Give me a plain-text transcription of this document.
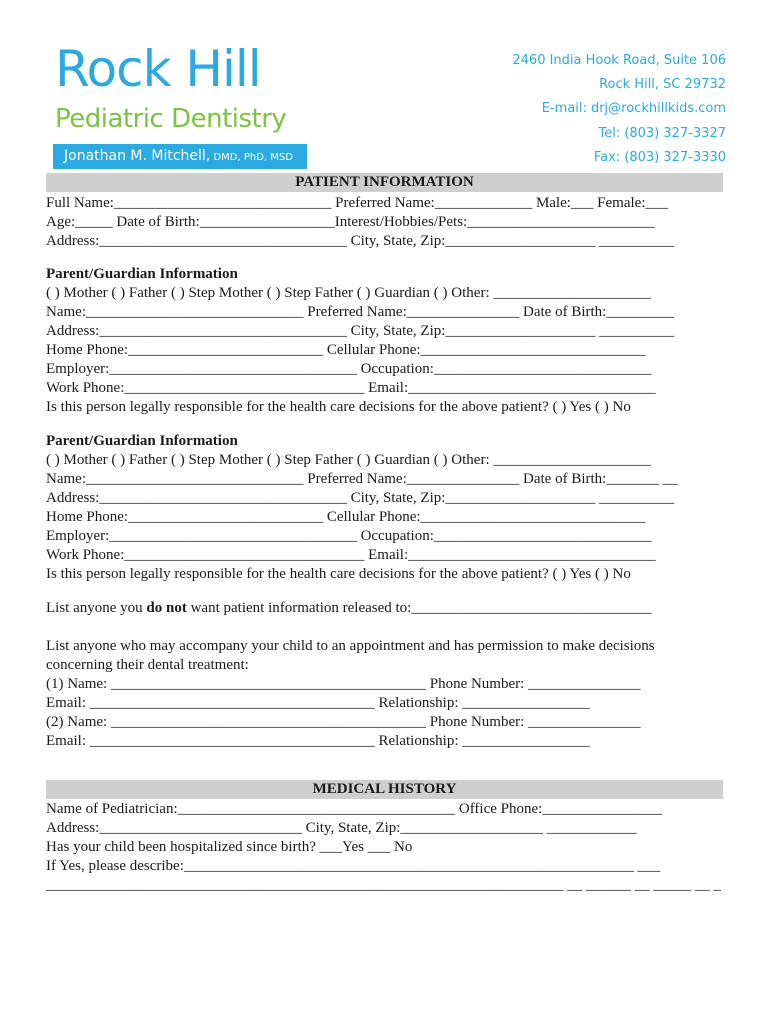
Rock Hill
Pediatric Dentistry
Jonathan M. Mitchell, DMD, PhD, MSD
2460 India Hook Road, Suite 106
Rock Hill, SC 29732
E-mail: drj@rockhillkids.com
Tel: (803) 327-3327
Fax: (803) 327-3330
PATIENT INFORMATION
Full Name:_____________________________ Preferred Name:_____________ Male:___ Female:___
Age:_____ Date of Birth:__________________Interest/Hobbies/Pets:_________________________
Address:_________________________________ City, State, Zip:____________________ __________
Parent/Guardian Information
( ) Mother ( ) Father ( ) Step Mother ( ) Step Father ( ) Guardian ( ) Other: _____________________
Name:_____________________________ Preferred Name:_______________ Date of Birth:_________
Address:_________________________________ City, State, Zip:____________________ __________
Home Phone:__________________________ Cellular Phone:______________________________
Employer:_________________________________ Occupation:_____________________________
Work Phone:________________________________ Email:_________________________________
Is this person legally responsible for the health care decisions for the above patient? ( ) Yes ( ) No
Parent/Guardian Information
( ) Mother ( ) Father ( ) Step Mother ( ) Step Father ( ) Guardian ( ) Other: _____________________
Name:_____________________________ Preferred Name:_______________ Date of Birth:_______ __
Address:_________________________________ City, State, Zip:____________________ __________
Home Phone:__________________________ Cellular Phone:______________________________
Employer:_________________________________ Occupation:_____________________________
Work Phone:________________________________ Email:_________________________________
Is this person legally responsible for the health care decisions for the above patient? ( ) Yes ( ) No
List anyone you do not want patient information released to:________________________________
List anyone who may accompany your child to an appointment and has permission to make decisions
concerning their dental treatment:
(1) Name: __________________________________________ Phone Number: _______________
Email: ______________________________________ Relationship: _________________
(2) Name: __________________________________________ Phone Number: _______________
Email: ______________________________________ Relationship: _________________
MEDICAL HISTORY
Name of Pediatrician:_____________________________________ Office Phone:________________
Address:___________________________ City, State, Zip:___________________ ____________
Has your child been hospitalized since birth? ___Yes ___ No
If Yes, please describe:____________________________________________________________ ___
_____________________________________________________________________ __ ______ __ _____ __ _
